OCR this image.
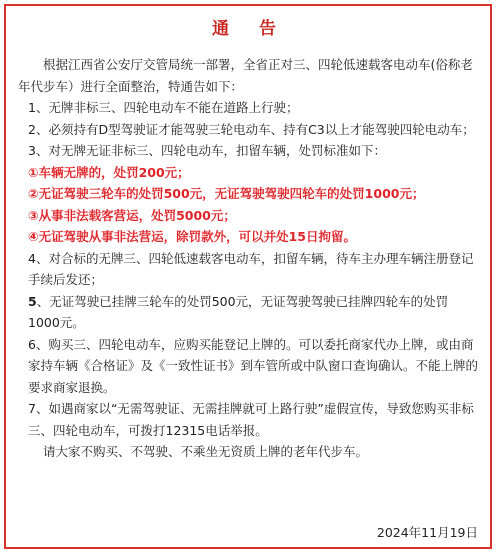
通 告

根据江西省公安厅交管局统一部署，全省正对三、四轮低速载客电动车(俗称老年代步车）进行全面整治，特通告如下：

1、无牌非标三、四轮电动车不能在道路上行驶；

2、必须持有D型驾驶证才能驾驶三轮电动车、持有C3以上才能驾驶四轮电动车；

3、对无牌无证非标三、四轮电动车，扣留车辆，处罚标准如下：

①车辆无牌的，处罚200元；

②无证驾驶三轮车的处罚500元，无证驾驶驾驶四轮车的处罚1000元；

③从事非法载客营运，处罚5000元；

④无证驾驶从事非法营运，除罚款外，可以并处15日拘留。

4、对合标的无牌三、四轮低速载客电动车，扣留车辆，待车主办理车辆注册登记手续后发还；

5、无证驾驶已挂牌三轮车的处罚500元，无证驾驶驾驶已挂牌四轮车的处罚1000元。

6、购买三、四轮电动车，应购买能登记上牌的。可以委托商家代办上牌，或由商家持车辆《合格证》及《一致性证书》到车管所或中队窗口查询确认。不能上牌的要求商家退换。

7、如遇商家以“无需驾驶证、无需挂牌就可上路行驶”虚假宣传，导致您购买非标三、四轮电动车，可拨打12315电话举报。

请大家不购买、不驾驶、不乘坐无资质上牌的老年代步车。

2024年11月19日
